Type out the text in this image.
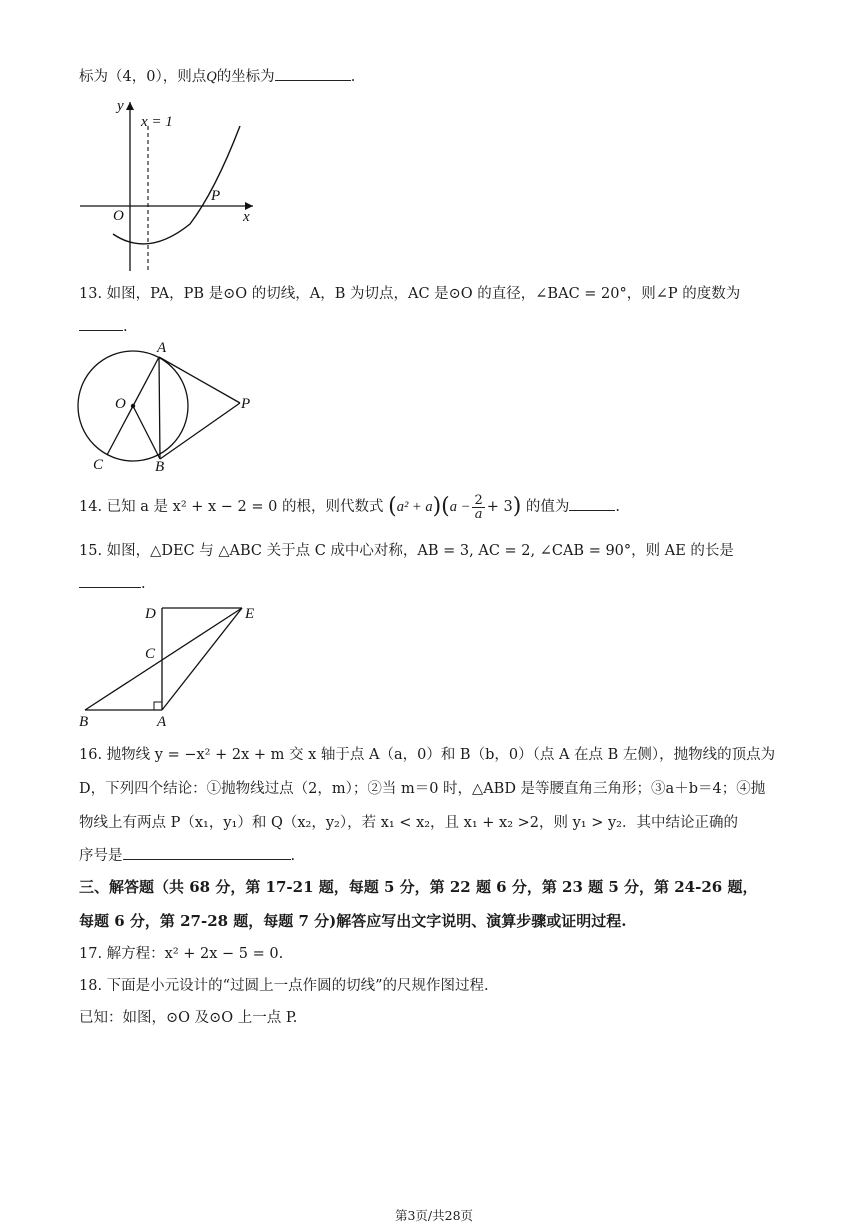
标为（4，0），则点Q的坐标为	.
y
x = 1
O
P
x
13. 如图，PA，PB 是⊙O 的切线，A，B 为切点，AC 是⊙O 的直径，∠BAC = 20°，则∠P 的度数为
.
A
O	P
C	B
14. 已知 a 是 x² + x − 2 = 0 的根，则代数式 $(a^2 + a)(a - \frac{2}{a} + 3)$ 的值为	.
15. 如图，△DEC 与 △ABC 关于点 C 成中心对称，AB = 3, AC = 2, ∠CAB = 90°，则 AE 的长是
.
D	E
C
B	A
16. 抛物线 y = −x² + 2x + m 交 x 轴于点 A（a，0）和 B（b，0）（点 A 在点 B 左侧），抛物线的顶点为
D，下列四个结论：①抛物线过点（2，m）；②当 m＝0 时，△ABD 是等腰直角三角形；③a＋b＝4；④抛
物线上有两点 P（x₁，y₁）和 Q（x₂，y₂），若 x₁ < x₂，且 x₁ + x₂ >2，则 y₁ > y₂．其中结论正确的
序号是	.
三、解答题（共 68 分，第 17-21 题，每题 5 分，第 22 题 6 分，第 23 题 5 分，第 24-26 题，
每题 6 分，第 27-28 题，每题 7 分)解答应写出文字说明、演算步骤或证明过程.
17. 解方程：x² + 2x − 5 = 0.
18. 下面是小元设计的“过圆上一点作圆的切线”的尺规作图过程.
已知：如图，⊙O 及⊙O 上一点 P.
第3页/共28页
